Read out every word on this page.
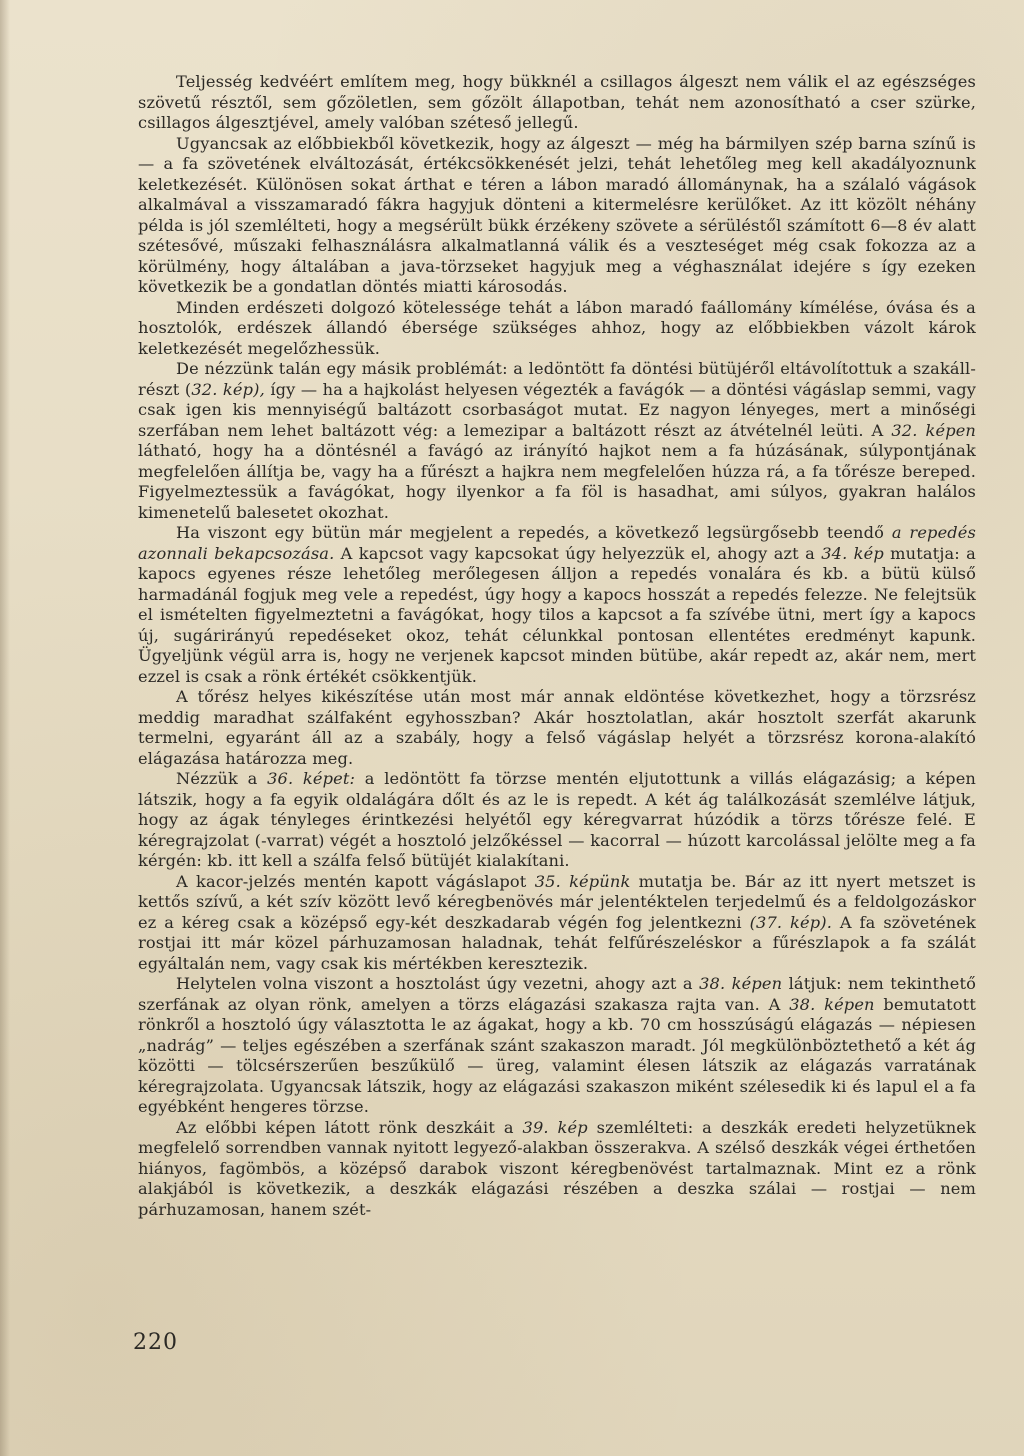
Teljesség kedvéért említem meg, hogy bükknél a csillagos álgeszt nem válik el az egészséges szövetű résztől, sem gőzöletlen, sem gőzölt állapotban, tehát nem azonosítható a cser szürke, csillagos álgesztjével, amely valóban széteső jellegű.

Ugyancsak az előbbiekből következik, hogy az álgeszt — még ha bármilyen szép barna színű is — a fa szövetének elváltozását, értékcsökkenését jelzi, tehát lehetőleg meg kell akadályoznunk keletkezését. Különösen sokat árthat e téren a lábon maradó állománynak, ha a szálaló vágások alkalmával a visszamaradó fákra hagyjuk dönteni a kitermelésre kerülőket. Az itt közölt néhány példa is jól szemlélteti, hogy a megsérült bükk érzékeny szövete a sérüléstől számított 6—8 év alatt széteső​vé, műszaki felhasználásra alkalmatlanná válik és a veszteséget még csak fokozza az a körülmény, hogy általában a java-törzseket hagyjuk meg a véghasználat idejére s így ezeken következik be a gondatlan döntés miatti károsodás.

Minden erdészeti dolgozó kötelessége tehát a lábon maradó faállomány kímélése, óvása és a hosztolók, erdészek állandó ébersége szükséges ahhoz, hogy az előbbiekben vázolt károk keletkezését megelőzhessük.

De nézzünk talán egy másik problémát: a ledöntött fa döntési bütüjéről eltávolítottuk a szakáll-részt (32. kép), így — ha a hajkolást helyesen végezték a favágók — a döntési vágáslap semmi, vagy csak igen kis mennyiségű baltázott csorbaságot mutat. Ez nagyon lényeges, mert a minőségi szerfában nem lehet baltázott vég: a lemezipar a baltázott részt az átvételnél leüti. A 32. képen látható, hogy ha a döntésnél a favágó az irányító hajkot nem a fa húzásának, súlypontjának megfelelően állítja be, vagy ha a fűrészt a hajkra nem megfelelően húzza rá, a fa tőrésze bereped. Figyelmeztessük a favágókat, hogy ilyenkor a fa föl is hasadhat, ami súlyos, gyakran halálos kimenetelű balesetet okozhat.

Ha viszont egy bütün már megjelent a repedés, a következő legsürgősebb teendő a repedés azonnali bekapcsozása. A kapcsot vagy kapcsokat úgy helyezzük el, ahogy azt a 34. kép mutatja: a kapocs egyenes része lehetőleg merőlegesen álljon a repedés vonalára és kb. a bütü külső harmadánál fogjuk meg vele a repedést, úgy hogy a kapocs hosszát a repedés felezze. Ne felejtsük el ismételten figyelmeztetni a favágókat, hogy tilos a kapcsot a fa szívébe ütni, mert így a kapocs új, sugárirányú repedéseket okoz, tehát célunkkal pontosan ellentétes eredményt kapunk. Ügyeljünk végül arra is, hogy ne verjenek kapcsot minden bütübe, akár repedt az, akár nem, mert ezzel is csak a rönk értékét csökkentjük.

A tőrész helyes kikészítése után most már annak eldöntése következhet, hogy a törzsrész meddig maradhat szálfaként egyhosszban? Akár hosztolatlan, akár hosztolt szerfát akarunk termelni, egyaránt áll az a szabály, hogy a felső vágáslap helyét a törzsrész korona-alakító elágazása határozza meg.

Nézzük a 36. képet: a ledöntött fa törzse mentén eljutottunk a villás elágazásig; a képen látszik, hogy a fa egyik oldalágára dőlt és az le is repedt. A két ág találkozását szemlélve látjuk, hogy az ágak tényleges érintkezési helyétől egy kéregvarrat húzódik a törzs tőrésze felé. E kéregrajzolat (-varrat) végét a hosztoló jelzőkéssel — kacorral — húzott karcolással jelölte meg a fa kérgén: kb. itt kell a szálfa felső bütüjét kialakítani.

A kacor-jelzés mentén kapott vágáslapot 35. képünk mutatja be. Bár az itt nyert metszet is kettős szívű, a két szív között levő kéregbenövés már jelentéktelen terjedelmű és a feldolgozáskor ez a kéreg csak a középső egy-két deszkadarab végén fog jelentkezni (37. kép). A fa szövetének rostjai itt már közel párhuzamosan haladnak, tehát felfűrészeléskor a fűrészlapok a fa szálát egyáltalán nem, vagy csak kis mértékben keresztezik.

Helytelen volna viszont a hosztolást úgy vezetni, ahogy azt a 38. képen látjuk: nem tekinthető szerfának az olyan rönk, amelyen a törzs elágazási szakasza rajta van. A 38. képen bemutatott rönkről a hosztoló úgy választotta le az ágakat, hogy a kb. 70 cm hosszúságú elágazás — népiesen „nadrág” — teljes egészében a szerfának szánt szakaszon maradt. Jól megkülönböztethető a két ág közötti — tölcsérszerűen beszűkülő — üreg, valamint élesen látszik az elágazás varratának kéregrajzolata. Ugyancsak látszik, hogy az elágazási szakaszon miként szélesedik ki és lapul el a fa egyébként hengeres törzse.

Az előbbi képen látott rönk deszkáit a 39. kép szemlélteti: a deszkák eredeti helyzetüknek megfelelő sorrendben vannak nyitott legyező-alakban összerakva. A szélső deszkák végei érthetően hiányos, fagömbös, a középső darabok viszont kéregbenövést tartalmaznak. Mint ez a rönk alakjából is következik, a deszkák elágazási részében a deszka szálai — rostjai — nem párhuzamosan, hanem szét-

220
